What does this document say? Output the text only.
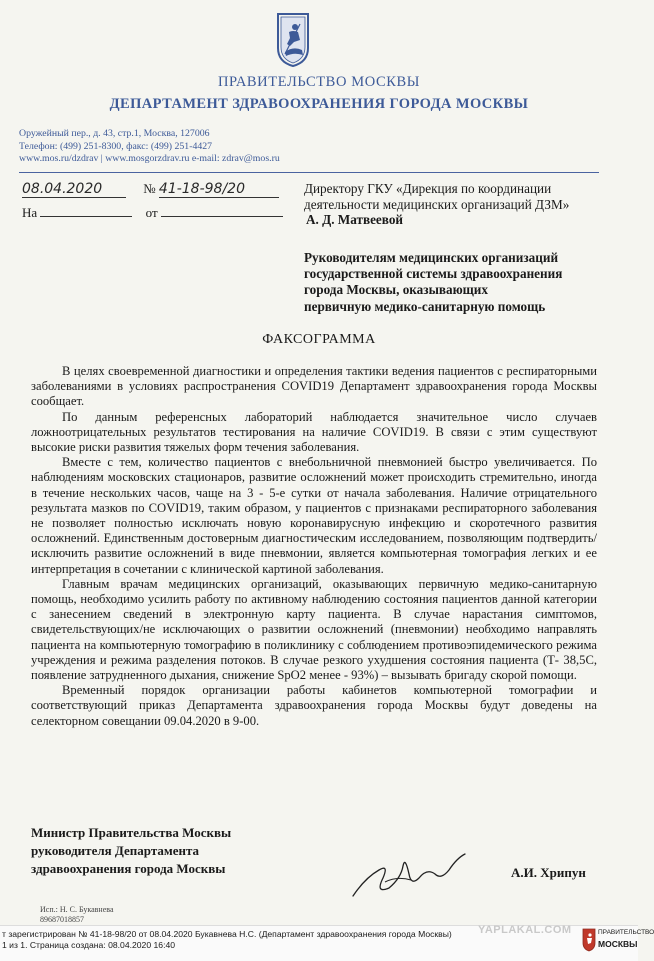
ПРАВИТЕЛЬСТВО МОСКВЫ
ДЕПАРТАМЕНТ ЗДРАВООХРАНЕНИЯ ГОРОДА МОСКВЫ
Оружейный пер., д. 43, стр.1, Москва, 127006
Телефон: (499) 251-8300, факс: (499) 251-4427
www.mos.ru/dzdrav | www.mosgorzdrav.ru e-mail: zdrav@mos.ru
08.04.2020	№ 41-18-98/20
На	от
Директору ГКУ «Дирекция по координации
деятельности медицинских организаций ДЗМ»
А. Д. Матвеевой
Руководителям медицинских организаций
государственной системы здравоохранения
города Москвы, оказывающих
первичную медико-санитарную помощь
ФАКСОГРАММА

В целях своевременной диагностики и определения тактики ведения пациентов с респираторными заболеваниями в условиях распространения COVID19 Департамент здравоохранения города Москвы сообщает.

По данным референсных лабораторий наблюдается значительное число случаев ложноотрицательных результатов тестирования на наличие COVID19. В связи с этим существуют высокие риски развития тяжелых форм течения заболевания.

Вместе с тем, количество пациентов с внебольничной пневмонией быстро увеличивается. По наблюдениям московских стационаров, развитие осложнений может происходить стремительно, иногда в течение нескольких часов, чаще на 3 - 5-е сутки от начала заболевания. Наличие отрицательного результата мазков по COVID19, таким образом, у пациентов с признаками респираторного заболевания не позволяет полностью исключать новую коронавирусную инфекцию и скоротечного развития осложнений. Единственным достоверным диагностическим исследованием, позволяющим подтвердить/исключить развитие осложнений в виде пневмонии, является компьютерная томография легких и ее интерпретация в сочетании с клинической картиной заболевания.

Главным врачам медицинских организаций, оказывающих первичную медико-санитарную помощь, необходимо усилить работу по активному наблюдению состояния пациентов данной категории с занесением сведений в электронную карту пациента. В случае нарастания симптомов, свидетельствующих/не исключающих о развитии осложнений (пневмонии) необходимо направлять пациента на компьютерную томографию в поликлинику с соблюдением противоэпидемического режима учреждения и режима разделения потоков. В случае резкого ухудшения состояния пациента (Т- 38,5С, появление затрудненного дыхания, снижение SpO2 менее - 93%) – вызывать бригаду скорой помощи.

Временный порядок организации работы кабинетов компьютерной томографии и соответствующий приказ Департамента здравоохранения города Москвы будут доведены на селекторном совещании 09.04.2020 в 9-00.

Министр Правительства Москвы
руководителя Департамента
здравоохранения города Москвы	А.И. Хрипун
Исп.: Н. С. Букавнева
89687018857
т зарегистрирован № 41-18-98/20 от 08.04.2020 Букавнева Н.С. (Департамент здравоохранения города Москвы)
1 из 1. Страница создана: 08.04.2020 16:40
YAPLAKAL.COM	ПРАВИТЕЛЬСТВО
МОСКВЫ
